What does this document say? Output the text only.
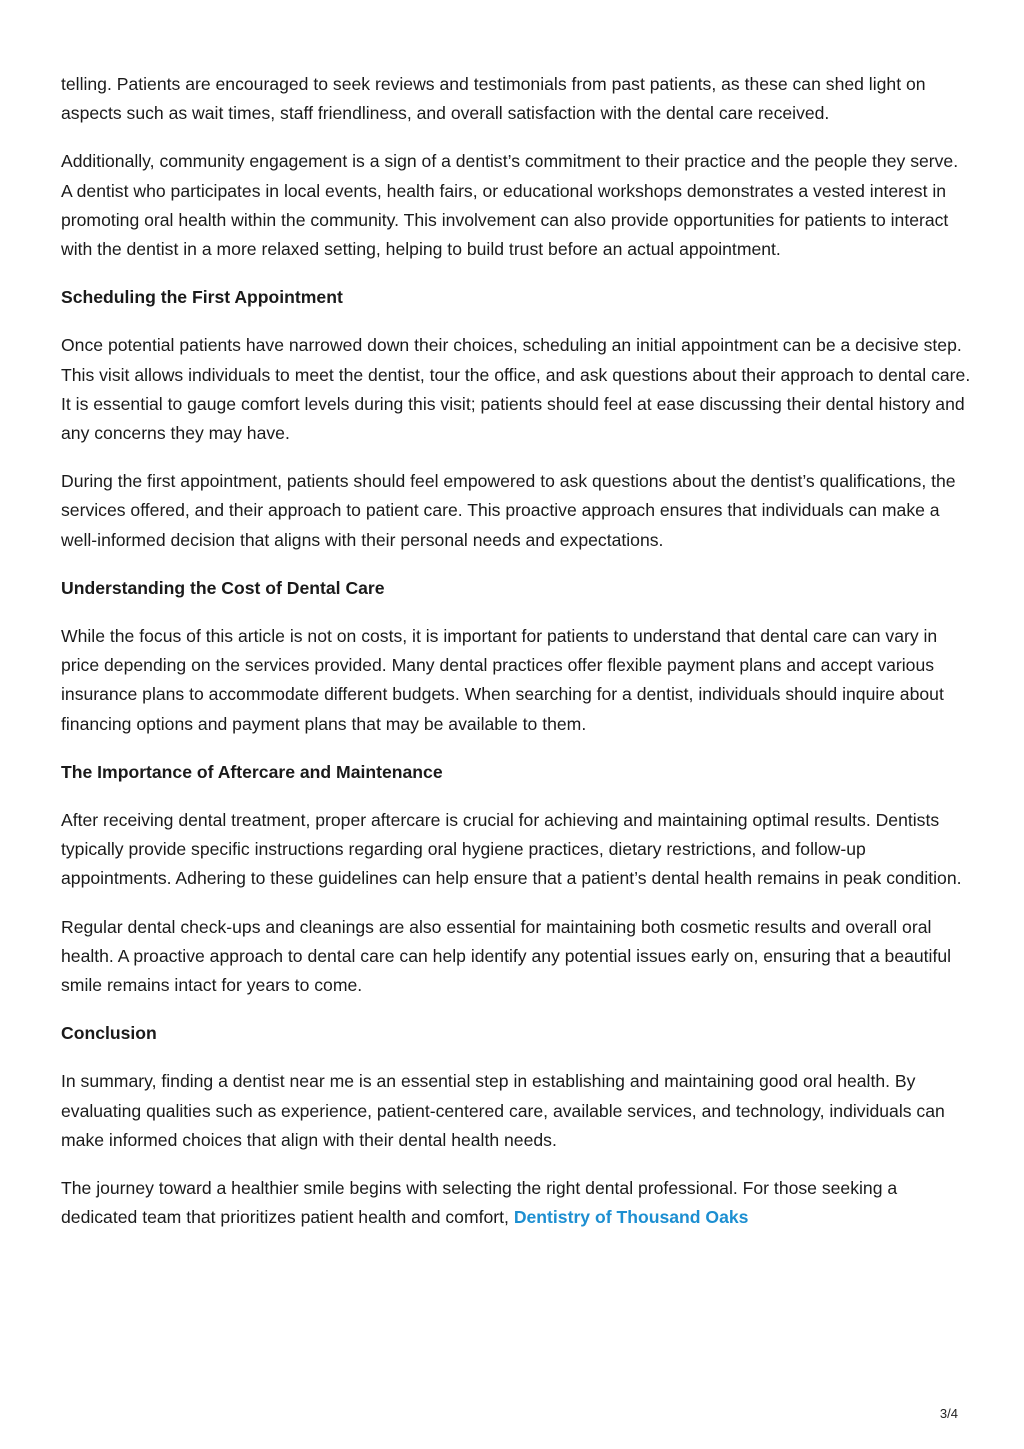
telling. Patients are encouraged to seek reviews and testimonials from past patients, as these can shed light on aspects such as wait times, staff friendliness, and overall satisfaction with the dental care received.

Additionally, community engagement is a sign of a dentist’s commitment to their practice and the people they serve. A dentist who participates in local events, health fairs, or educational workshops demonstrates a vested interest in promoting oral health within the community. This involvement can also provide opportunities for patients to interact with the dentist in a more relaxed setting, helping to build trust before an actual appointment.

Scheduling the First Appointment

Once potential patients have narrowed down their choices, scheduling an initial appointment can be a decisive step. This visit allows individuals to meet the dentist, tour the office, and ask questions about their approach to dental care. It is essential to gauge comfort levels during this visit; patients should feel at ease discussing their dental history and any concerns they may have.

During the first appointment, patients should feel empowered to ask questions about the dentist’s qualifications, the services offered, and their approach to patient care. This proactive approach ensures that individuals can make a well-informed decision that aligns with their personal needs and expectations.

Understanding the Cost of Dental Care

While the focus of this article is not on costs, it is important for patients to understand that dental care can vary in price depending on the services provided. Many dental practices offer flexible payment plans and accept various insurance plans to accommodate different budgets. When searching for a dentist, individuals should inquire about financing options and payment plans that may be available to them.

The Importance of Aftercare and Maintenance

After receiving dental treatment, proper aftercare is crucial for achieving and maintaining optimal results. Dentists typically provide specific instructions regarding oral hygiene practices, dietary restrictions, and follow-up appointments. Adhering to these guidelines can help ensure that a patient’s dental health remains in peak condition.

Regular dental check-ups and cleanings are also essential for maintaining both cosmetic results and overall oral health. A proactive approach to dental care can help identify any potential issues early on, ensuring that a beautiful smile remains intact for years to come.

Conclusion

In summary, finding a dentist near me is an essential step in establishing and maintaining good oral health. By evaluating qualities such as experience, patient-centered care, available services, and technology, individuals can make informed choices that align with their dental health needs.

The journey toward a healthier smile begins with selecting the right dental professional. For those seeking a dedicated team that prioritizes patient health and comfort, Dentistry of Thousand Oaks

3/4
